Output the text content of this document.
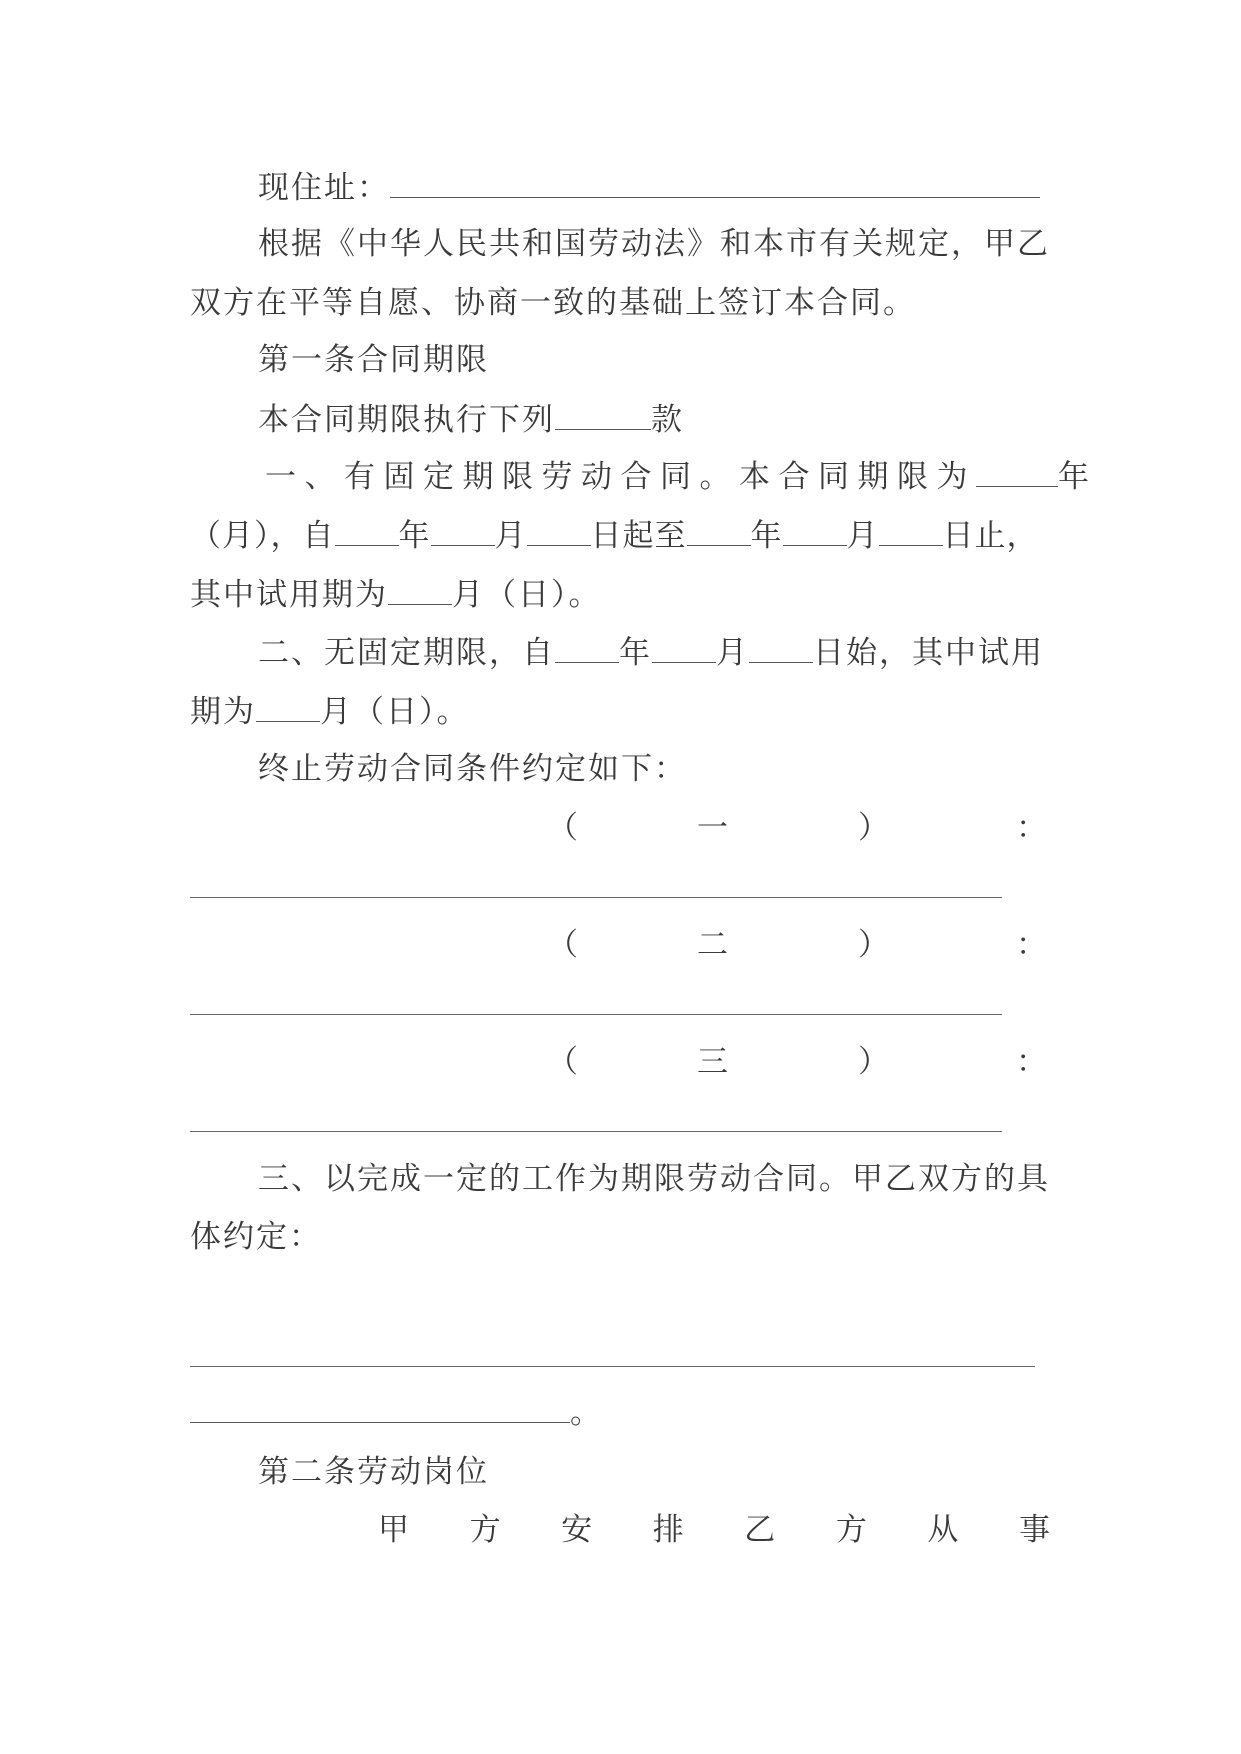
现住址：
根据《中华人民共和国劳动法》和本市有关规定，甲乙
双方在平等自愿、协商一致的基础上签订本合同。
第一条合同期限
本合同期限执行下列	款
一、有固定期限劳动合同。本合同期限为	年
（月），自 年 月 日起至 年 月 日止，
其中试用期为 月（日）。
二、无固定期限，自 年 月 日始，其中试用
期为 月（日）。
终止劳动合同条件约定如下：
（	一	）	：
（	二	）	：
（	三	）	：
三、以完成一定的工作为期限劳动合同。甲乙双方的具
体约定：
。
第二条劳动岗位
甲 方 安 排 乙 方 从 事
